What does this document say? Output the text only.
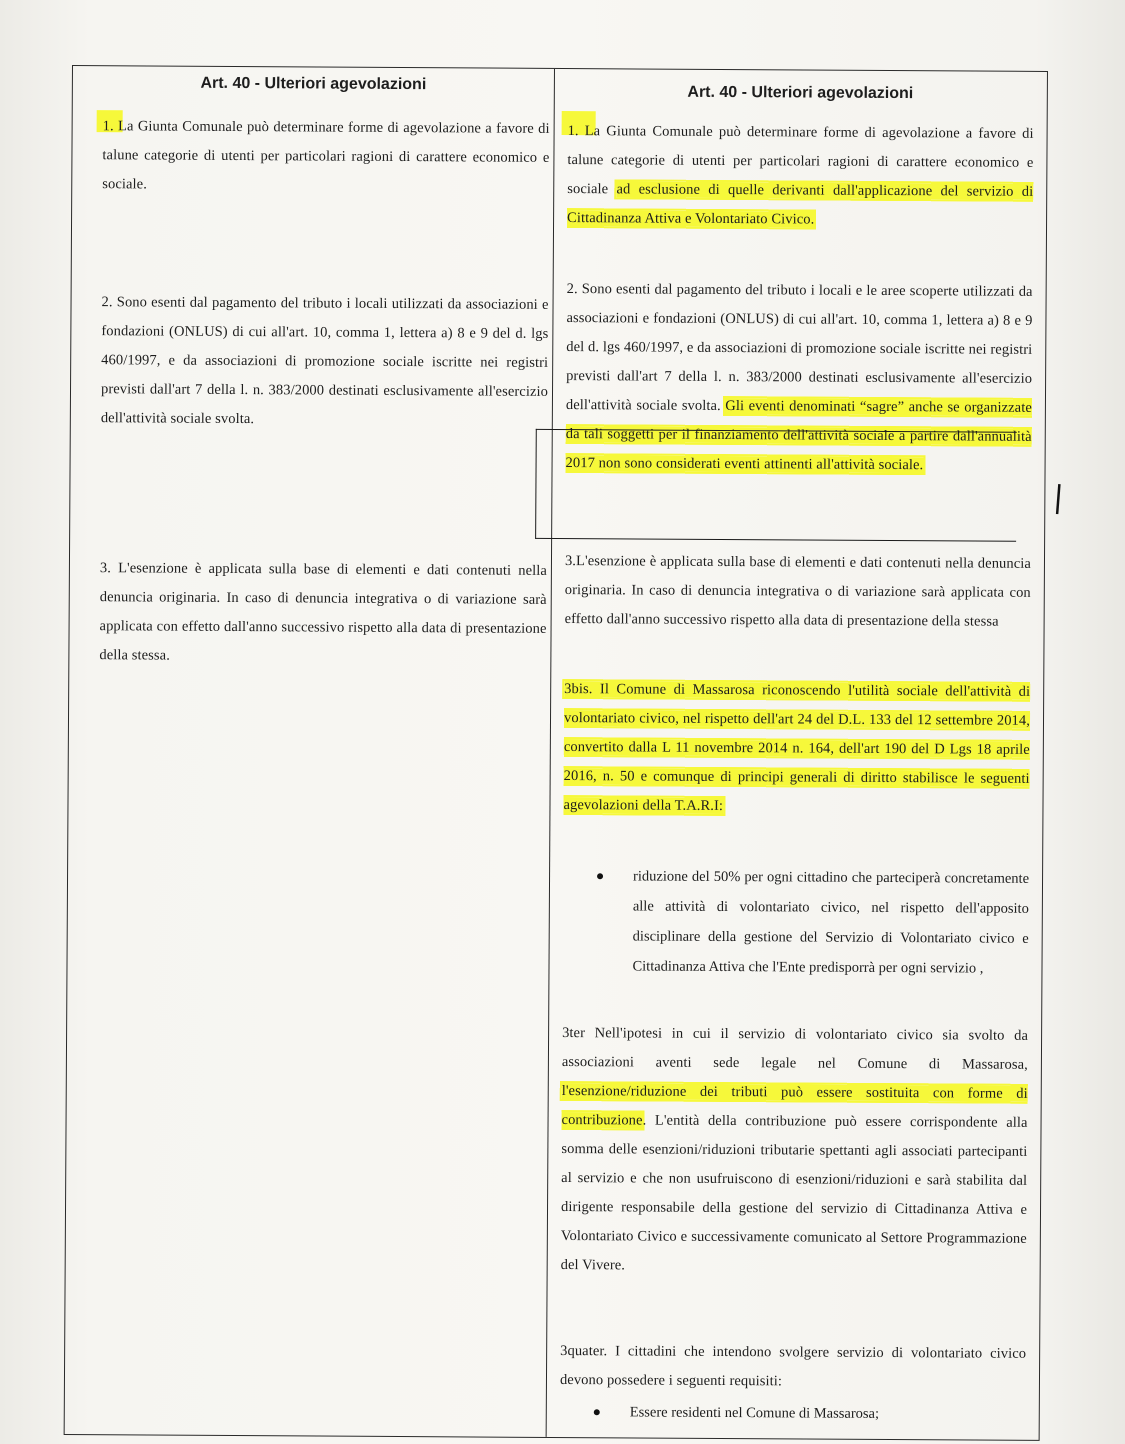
Art. 40 - Ulteriori agevolazioni
1. La Giunta Comunale può determinare forme di agevolazione a favore di talune categorie di utenti per particolari ragioni di carattere economico e sociale.
2. Sono esenti dal pagamento del tributo i locali utilizzati da associazioni e fondazioni (ONLUS) di cui all'art. 10, comma 1, lettera a) 8 e 9 del d. lgs 460/1997, e da associazioni di promozione sociale iscritte nei registri previsti dall'art 7 della l. n. 383/2000 destinati esclusivamente all'esercizio dell'attività sociale svolta.
3. L'esenzione è applicata sulla base di elementi e dati contenuti nella denuncia originaria. In caso di denuncia integrativa o di variazione sarà applicata con effetto dall'anno successivo rispetto alla data di presentazione della stessa.
Art. 40 - Ulteriori agevolazioni
1. La Giunta Comunale può determinare forme di agevolazione a favore di talune categorie di utenti per particolari ragioni di carattere economico e sociale ad esclusione di quelle derivanti dall'applicazione del servizio di Cittadinanza Attiva e Volontariato Civico.
2. Sono esenti dal pagamento del tributo i locali e le aree scoperte utilizzati da associazioni e fondazioni (ONLUS) di cui all'art. 10, comma 1, lettera a) 8 e 9 del d. lgs 460/1997, e da associazioni di promozione sociale iscritte nei registri previsti dall'art 7 della l. n. 383/2000 destinati esclusivamente all'esercizio dell'attività sociale svolta. Gli eventi denominati “sagre” anche se organizzate da tali soggetti per il finanziamento dell'attività sociale a partire dall'annualità 2017 non sono considerati eventi attinenti all'attività sociale.
|
3.L'esenzione è applicata sulla base di elementi e dati contenuti nella denuncia originaria. In caso di denuncia integrativa o di variazione sarà applicata con effetto dall'anno successivo rispetto alla data di presentazione della stessa
3bis. Il Comune di Massarosa riconoscendo l'utilità sociale dell'attività di volontariato civico, nel rispetto dell'art 24 del D.L. 133 del 12 settembre 2014, convertito dalla L 11 novembre 2014 n. 164, dell'art 190 del D Lgs 18 aprile 2016, n. 50 e comunque di principi generali di diritto stabilisce le seguenti agevolazioni della T.A.R.I:
riduzione del 50% per ogni cittadino che parteciperà concretamente alle attività di volontariato civico, nel rispetto dell'apposito disciplinare della gestione del Servizio di Volontariato civico e Cittadinanza Attiva che l'Ente predisporrà per ogni servizio ,
3ter Nell'ipotesi in cui il servizio di volontariato civico sia svolto da associazioni aventi sede legale nel Comune di Massarosa, l'esenzione/riduzione dei tributi può essere sostituita con forme di contribuzione. L'entità della contribuzione può essere corrispondente alla somma delle esenzioni/riduzioni tributarie spettanti agli associati partecipanti al servizio e che non usufruiscono di esenzioni/riduzioni e sarà stabilita dal dirigente responsabile della gestione del servizio di Cittadinanza Attiva e Volontariato Civico e successivamente comunicato al Settore Programmazione del Vivere.
3quater. I cittadini che intendono svolgere servizio di volontariato civico devono possedere i seguenti requisiti:
Essere residenti nel Comune di Massarosa;
